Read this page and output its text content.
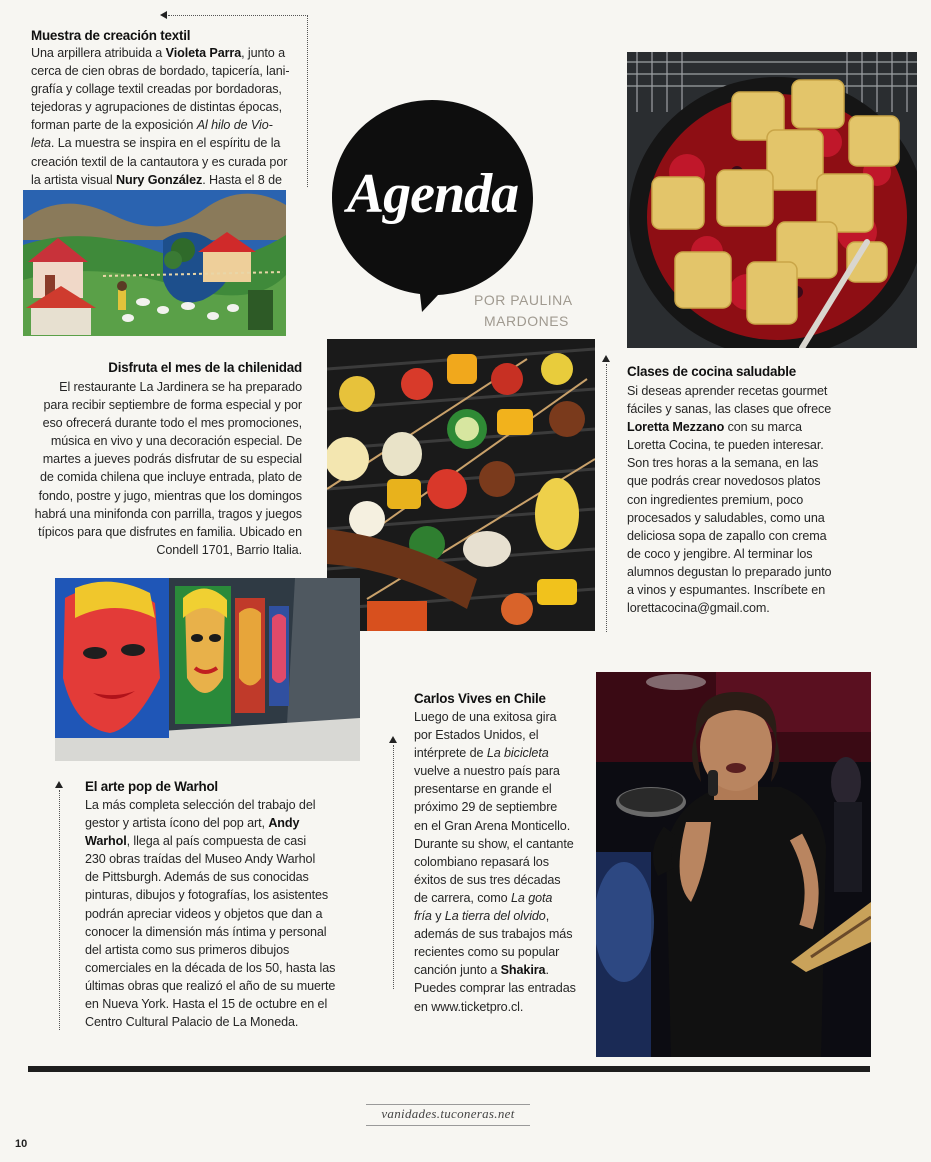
Muestra de creación textil
Una arpillera atribuida a Violeta Parra, junto a
cerca de cien obras de bordado, tapicería, lani-
grafía y collage textil creadas por bordadoras,
tejedoras y agrupaciones de distintas épocas,
forman parte de la exposición Al hilo de Vio-
leta. La muestra se inspira en el espíritu de la
creación textil de la cantautora y es curada por
la artista visual Nury González. Hasta el 8 de	Agenda
POR PAULINA
MARDONES
Disfruta el mes de la chilenidad
El restaurante La Jardinera se ha preparado
para recibir septiembre de forma especial y por
eso ofrecerá durante todo el mes promociones,
música en vivo y una decoración especial. De
martes a jueves podrás disfrutar de su especial
de comida chilena que incluye entrada, plato de
fondo, postre y jugo, mientras que los domingos
habrá una minifonda con parrilla, tragos y juegos
típicos para que disfrutes en familia. Ubicado en
Condell 1701, Barrio Italia.
Clases de cocina saludable
Si deseas aprender recetas gourmet
fáciles y sanas, las clases que ofrece
Loretta Mezzano con su marca
Loretta Cocina, te pueden interesar.
Son tres horas a la semana, en las
que podrás crear novedosos platos
con ingredientes premium, poco
procesados y saludables, como una
deliciosa sopa de zapallo con crema
de coco y jengibre. Al terminar los
alumnos degustan lo preparado junto
a vinos y espumantes. Inscríbete en
lorettacocina@gmail.com.
El arte pop de Warhol
La más completa selección del trabajo del
gestor y artista ícono del pop art, Andy
Warhol, llega al país compuesta de casi
230 obras traídas del Museo Andy Warhol
de Pittsburgh. Además de sus conocidas
pinturas, dibujos y fotografías, los asistentes
podrán apreciar videos y objetos que dan a
conocer la dimensión más íntima y personal
del artista como sus primeros dibujos
comerciales en la década de los 50, hasta las
últimas obras que realizó el año de su muerte
en Nueva York. Hasta el 15 de octubre en el
Centro Cultural Palacio de La Moneda.
Carlos Vives en Chile
Luego de una exitosa gira
por Estados Unidos, el
intérprete de La bicicleta
vuelve a nuestro país para
presentarse en grande el
próximo 29 de septiembre
en el Gran Arena Monticello.
Durante su show, el cantante
colombiano repasará los
éxitos de sus tres décadas
de carrera, como La gota
fría y La tierra del olvido,
además de sus trabajos más
recientes como su popular
canción junto a Shakira.
Puedes comprar las entradas
en www.ticketpro.cl.
vanidades.tuconeras.net
10
